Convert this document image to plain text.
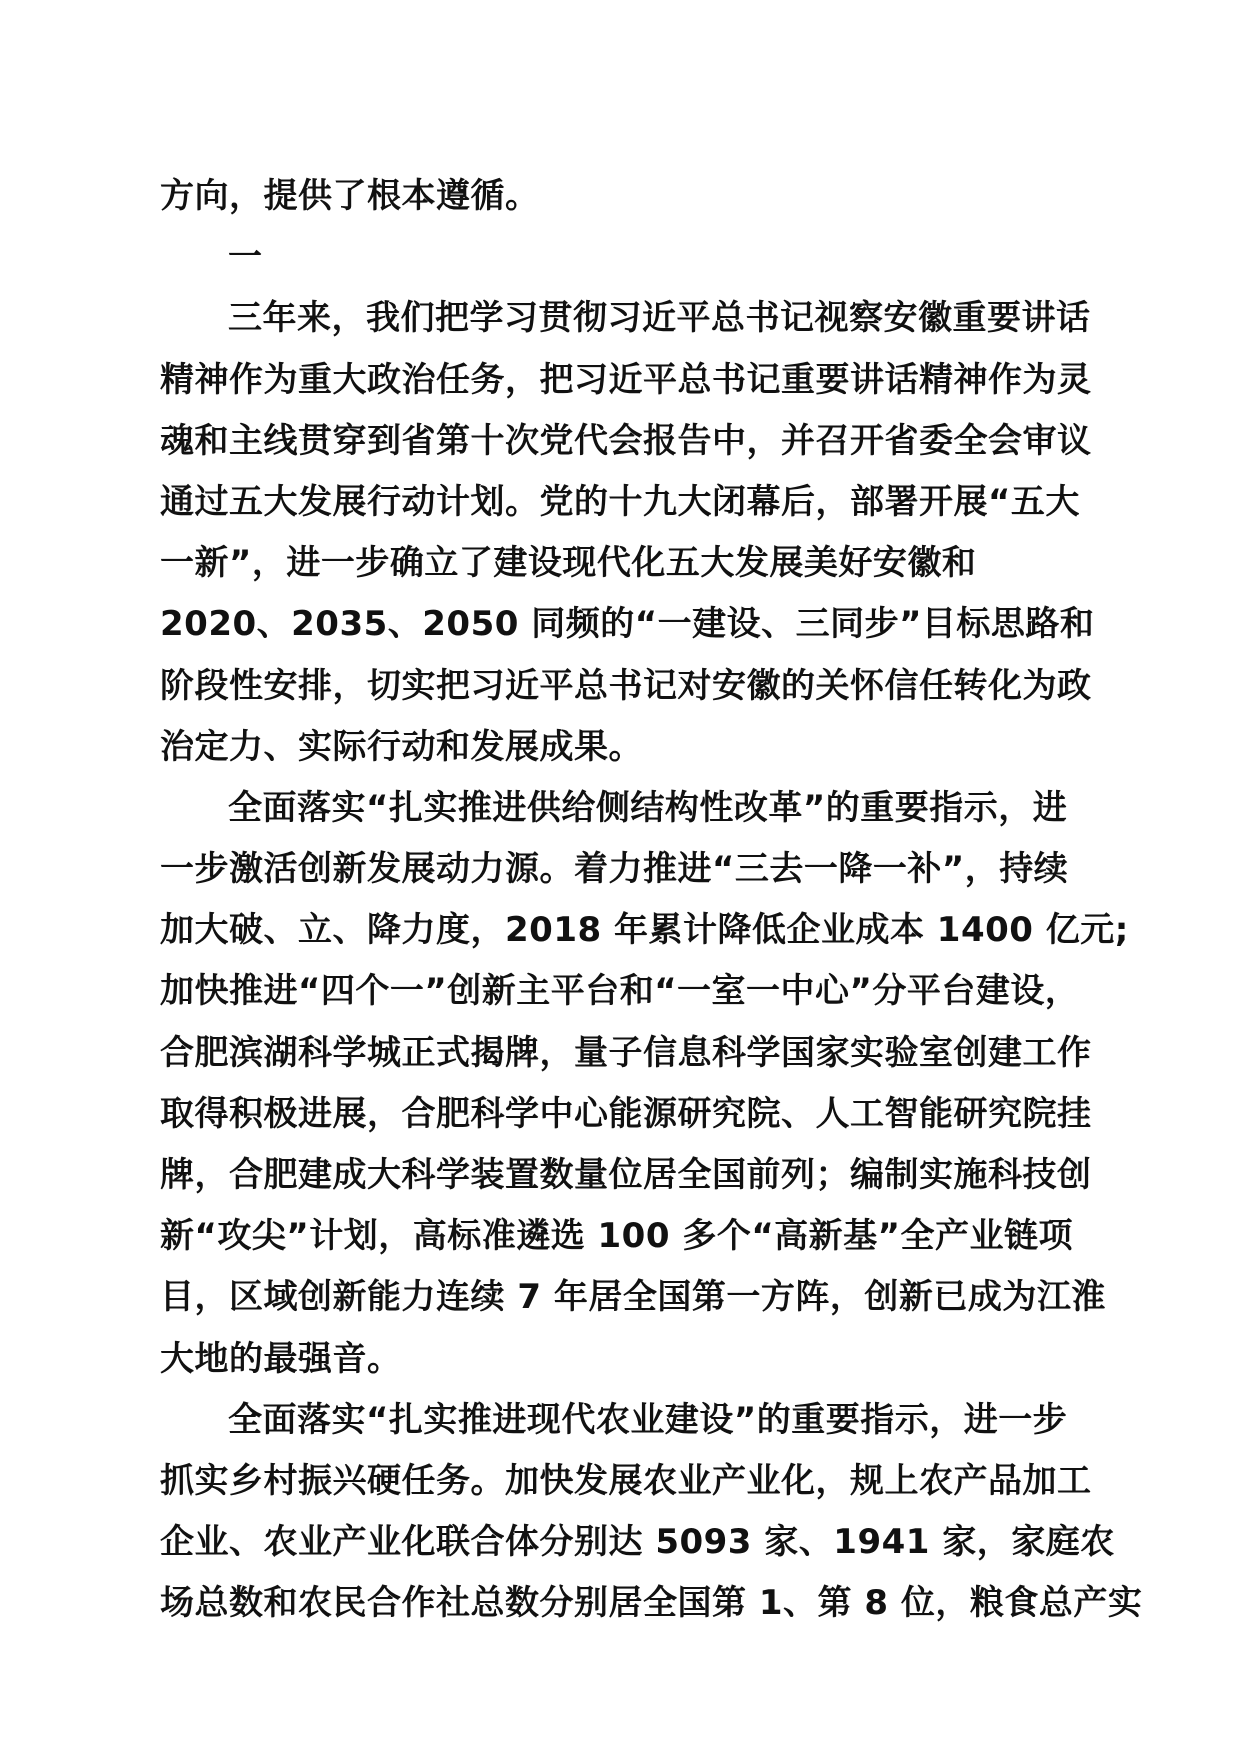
方向，提供了根本遵循。
一
三年来，我们把学习贯彻习近平总书记视察安徽重要讲话
精神作为重大政治任务，把习近平总书记重要讲话精神作为灵
魂和主线贯穿到省第十次党代会报告中，并召开省委全会审议
通过五大发展行动计划。党的十九大闭幕后，部署开展“五大
一新”，进一步确立了建设现代化五大发展美好安徽和
2020、2035、2050 同频的“一建设、三同步”目标思路和
阶段性安排，切实把习近平总书记对安徽的关怀信任转化为政
治定力、实际行动和发展成果。
全面落实“扎实推进供给侧结构性改革”的重要指示，进
一步激活创新发展动力源。着力推进“三去一降一补”，持续
加大破、立、降力度，2018 年累计降低企业成本 1400 亿元;
加快推进“四个一”创新主平台和“一室一中心”分平台建设，
合肥滨湖科学城正式揭牌，量子信息科学国家实验室创建工作
取得积极进展，合肥科学中心能源研究院、人工智能研究院挂
牌，合肥建成大科学装置数量位居全国前列；编制实施科技创
新“攻尖”计划，高标准遴选 100 多个“高新基”全产业链项
目，区域创新能力连续 7 年居全国第一方阵，创新已成为江淮
大地的最强音。
全面落实“扎实推进现代农业建设”的重要指示，进一步
抓实乡村振兴硬任务。加快发展农业产业化，规上农产品加工
企业、农业产业化联合体分别达 5093 家、1941 家，家庭农
场总数和农民合作社总数分别居全国第 1、第 8 位，粮食总产实
